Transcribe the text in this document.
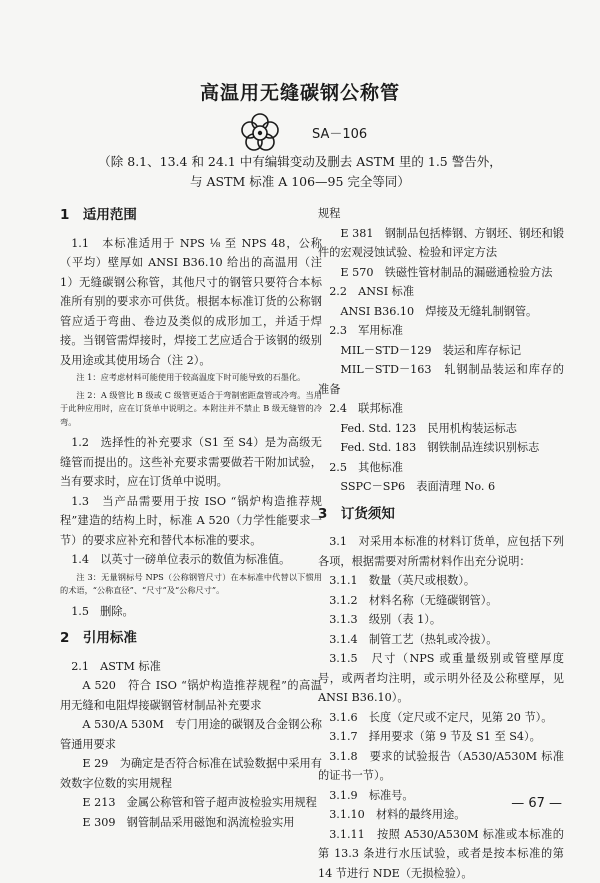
高温用无缝碳钢公称管
SA－106
（除 8.1、13.4 和 24.1 中有编辑变动及删去 ASTM 里的 1.5 警告外，
与 ASTM 标准 A 106—95 完全等同）
1　适用范围

1.1　本标准适用于 NPS ⅛ 至 NPS 48，公称（平均）壁厚如 ANSI B36.10 给出的高温用（注 1）无缝碳钢公称管，其他尺寸的钢管只要符合本标准所有别的要求亦可供货。根据本标准订货的公称钢管应适于弯曲、卷边及类似的成形加工，并适于焊接。当钢管需焊接时，焊接工艺应适合于该钢的级别及用途或其使用场合（注 2）。

注 1：应考虑材料可能使用于较高温度下时可能导致的石墨化。

注 2：A 级管比 B 级或 C 级管更适合于弯制密距盘管或冷弯。当用于此种应用时，应在订货单中说明之。本附注并不禁止 B 级无缝管的冷弯。

1.2　选择性的补充要求（S1 至 S4）是为高级无缝管而提出的。这些补充要求需要做若干附加试验，当有要求时，应在订货单中说明。

1.3　当产品需要用于按 ISO “锅炉构造推荐规程”建造的结构上时，标准 A 520（力学性能要求一节）的要求应补充和替代本标准的要求。

1.4　以英寸一磅单位表示的数值为标准值。

注 3：无量钢标号 NPS（公称钢管尺寸）在本标准中代替以下惯用的术语，“公称直径”、“尺寸”及“公称尺寸”。

1.5　删除。

2　引用标准

2.1　ASTM 标准

A 520　符合 ISO “锅炉构造推荐规程”的高温用无缝和电阻焊接碳钢管材制品补充要求

A 530/A 530M　专门用途的碳钢及合金钢公称管通用要求

E 29　为确定是否符合标准在试验数据中采用有效数字位数的实用规程

E 213　金属公称管和管子超声波检验实用规程

E 309　钢管制品采用磁饱和涡流检验实用

规程

E 381　钢制品包括棒钢、方钢坯、钢坯和锻件的宏观浸蚀试验、检验和评定方法

E 570　铁磁性管材制品的漏磁通检验方法

2.2　ANSI 标准

ANSI B36.10　焊接及无缝轧制钢管。

2.3　军用标准

MIL－STD－129　装运和库存标记

MIL－STD－163　轧钢制品装运和库存的准备

2.4　联邦标准

Fed. Std. 123　民用机构装运标志

Fed. Std. 183　钢铁制品连续识别标志

2.5　其他标准

SSPC－SP6　表面清理 No. 6

3　订货须知

3.1　对采用本标准的材料订货单，应包括下列各项，根据需要对所需材料作出充分说明：

3.1.1　数量（英尺或根数）。

3.1.2　材料名称（无缝碳钢管）。

3.1.3　级别（表 1）。

3.1.4　制管工艺（热轧或冷拔）。

3.1.5　尺寸（NPS 或重量级别或管壁厚度号，或两者均注明，或示明外径及公称壁厚，见 ANSI B36.10）。

3.1.6　长度（定尺或不定尺，见第 20 节）。

3.1.7　择用要求（第 9 节及 S1 至 S4）。

3.1.8　要求的试验报告（A530/A530M 标准的证书一节）。

3.1.9　标准号。

3.1.10　材料的最终用途。

3.1.11　按照 A530/A530M 标准或本标准的第 13.3 条进行水压试验，或者是按本标准的第 14 节进行 NDE（无损检验）。

— 67 —
